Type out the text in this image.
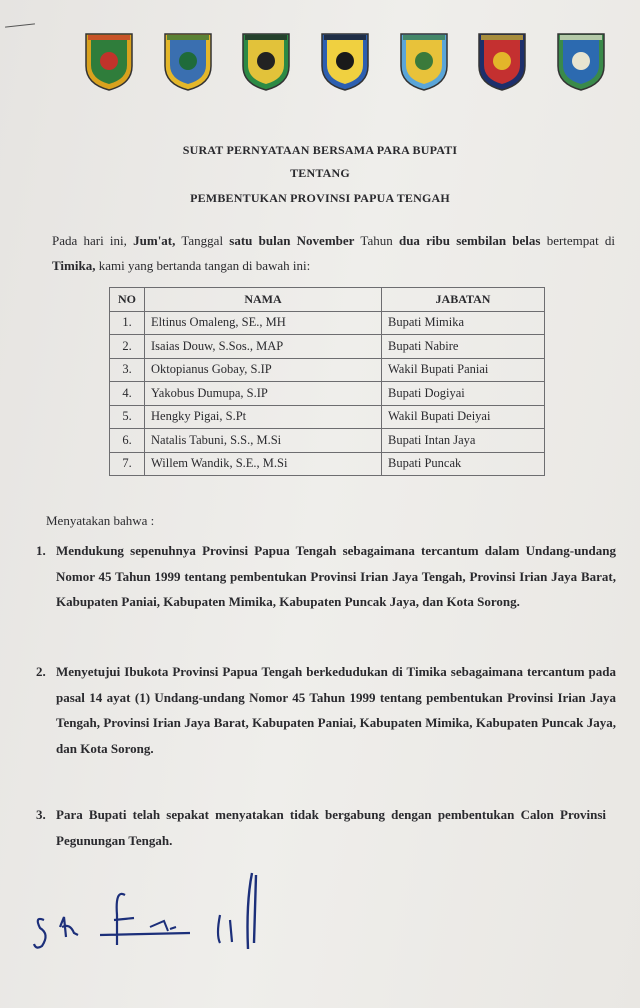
SURAT PERNYATAAN BERSAMA PARA BUPATI
TENTANG
PEMBENTUKAN PROVINSI PAPUA TENGAH
Pada hari ini, Jum'at, Tanggal satu bulan November Tahun dua ribu sembilan belas bertempat di Timika, kami yang bertanda tangan di bawah ini:
NO	NAMA	JABATAN
1.	Eltinus Omaleng, SE., MH	Bupati Mimika
2.	Isaias Douw, S.Sos., MAP	Bupati Nabire
3.	Oktopianus Gobay, S.IP	Wakil Bupati Paniai
4.	Yakobus Dumupa, S.IP	Bupati Dogiyai
5.	Hengky Pigai, S.Pt	Wakil Bupati Deiyai
6.	Natalis Tabuni, S.S., M.Si	Bupati Intan Jaya
7.	Willem Wandik, S.E., M.Si	Bupati Puncak
Menyatakan bahwa :
1. Mendukung sepenuhnya Provinsi Papua Tengah sebagaimana tercantum dalam Undang-undang Nomor 45 Tahun 1999 tentang pembentukan Provinsi Irian Jaya Tengah, Provinsi Irian Jaya Barat, Kabupaten Paniai, Kabupaten Mimika, Kabupaten Puncak Jaya, dan Kota Sorong.
2. Menyetujui Ibukota Provinsi Papua Tengah berkedudukan di Timika sebagaimana tercantum pada pasal 14 ayat (1) Undang-undang Nomor 45 Tahun 1999 tentang pembentukan Provinsi Irian Jaya Tengah, Provinsi Irian Jaya Barat, Kabupaten Paniai, Kabupaten Mimika, Kabupaten Puncak Jaya, dan Kota Sorong.
3. Para Bupati telah sepakat menyatakan tidak bergabung dengan pembentukan Calon Provinsi Pegunungan Tengah.
